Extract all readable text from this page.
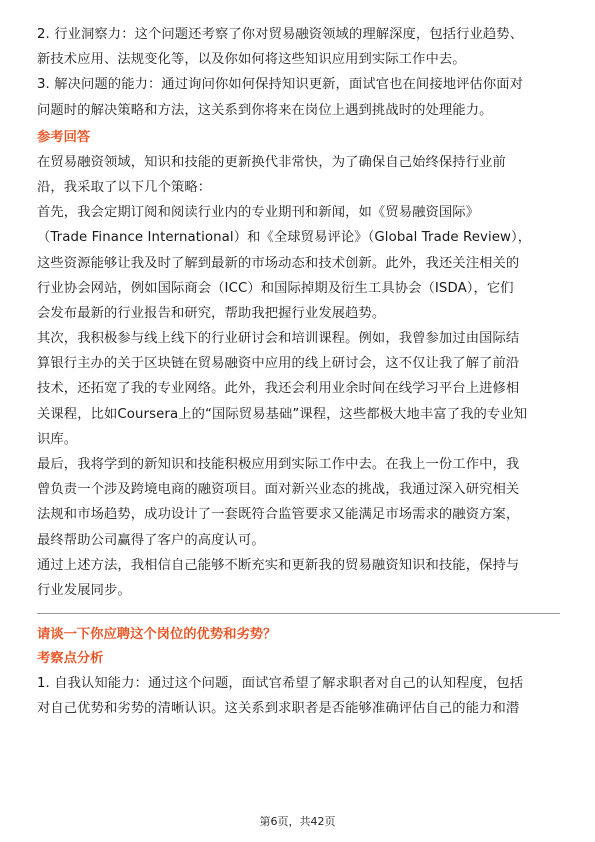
2. 行业洞察力：这个问题还考察了你对贸易融资领域的理解深度，包括行业趋势、
新技术应用、法规变化等，以及你如何将这些知识应用到实际工作中去。
3. 解决问题的能力：通过询问你如何保持知识更新，面试官也在间接地评估你面对
问题时的解决策略和方法，这关系到你将来在岗位上遇到挑战时的处理能力。
参考回答
在贸易融资领域，知识和技能的更新换代非常快，为了确保自己始终保持行业前
沿，我采取了以下几个策略：
首先，我会定期订阅和阅读行业内的专业期刊和新闻，如《贸易融资国际》
（Trade Finance International）和《全球贸易评论》（Global Trade Review），
这些资源能够让我及时了解到最新的市场动态和技术创新。此外，我还关注相关的
行业协会网站，例如国际商会（ICC）和国际掉期及衍生工具协会（ISDA），它们
会发布最新的行业报告和研究，帮助我把握行业发展趋势。
其次，我积极参与线上线下的行业研讨会和培训课程。例如，我曾参加过由国际结
算银行主办的关于区块链在贸易融资中应用的线上研讨会，这不仅让我了解了前沿
技术，还拓宽了我的专业网络。此外，我还会利用业余时间在线学习平台上进修相
关课程，比如Coursera上的“国际贸易基础”课程，这些都极大地丰富了我的专业知
识库。
最后，我将学到的新知识和技能积极应用到实际工作中去。在我上一份工作中，我
曾负责一个涉及跨境电商的融资项目。面对新兴业态的挑战，我通过深入研究相关
法规和市场趋势，成功设计了一套既符合监管要求又能满足市场需求的融资方案，
最终帮助公司赢得了客户的高度认可。
通过上述方法，我相信自己能够不断充实和更新我的贸易融资知识和技能，保持与
行业发展同步。
请谈一下你应聘这个岗位的优势和劣势？
考察点分析
1. 自我认知能力：通过这个问题，面试官希望了解求职者对自己的认知程度，包括
对自己优势和劣势的清晰认识。这关系到求职者是否能够准确评估自己的能力和潜
第6页，共42页
